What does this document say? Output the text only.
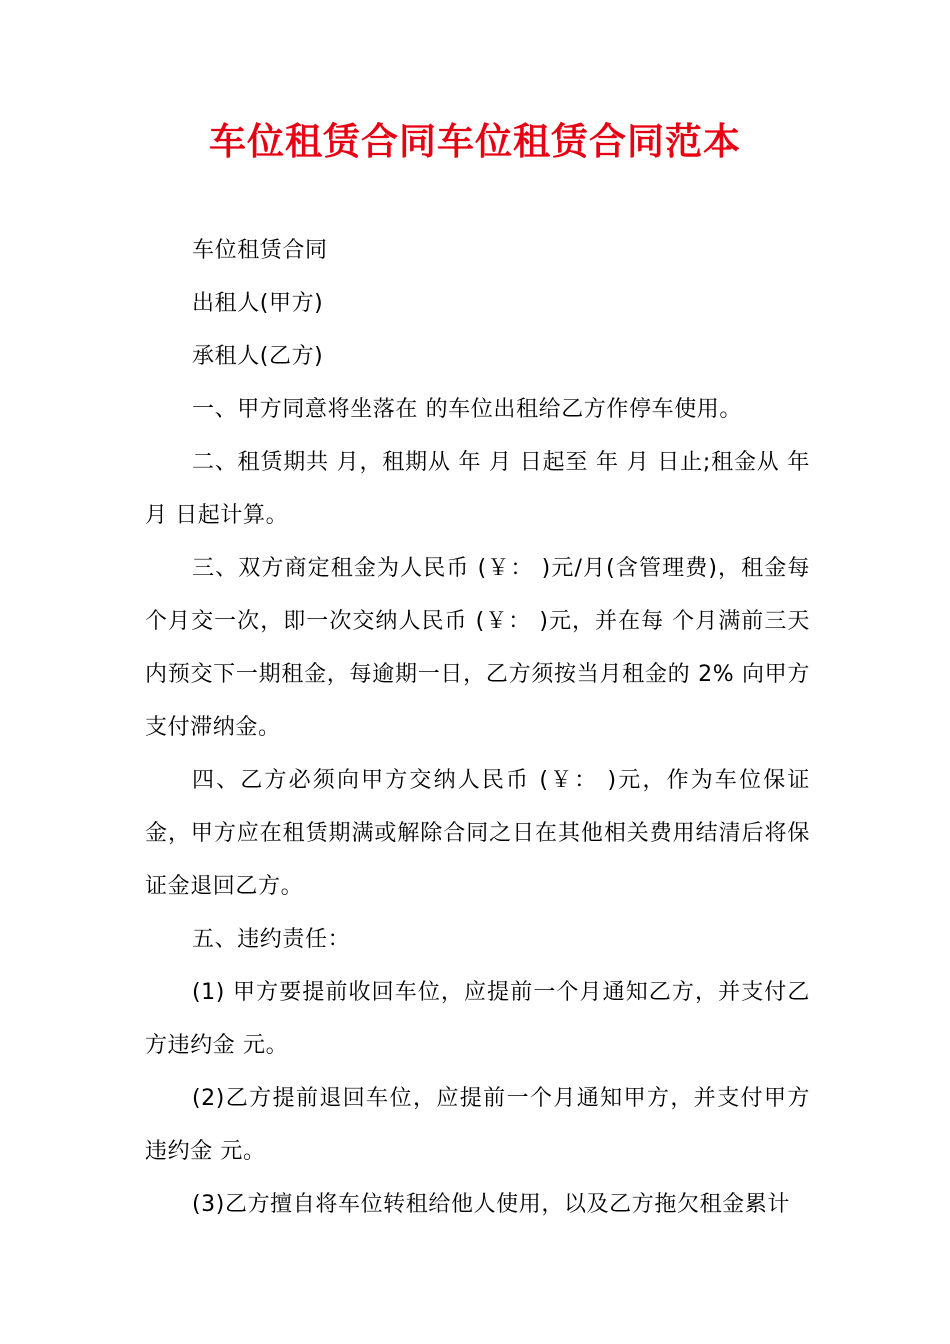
车位租赁合同车位租赁合同范本

车位租赁合同

出租人(甲方)

承租人(乙方)

一、甲方同意将坐落在 的车位出租给乙方作停车使用。

二、租赁期共 月，租期从 年 月 日起至 年 月 日止;租金从 年 月 日起计算。

三、双方商定租金为人民币 (￥： )元/月(含管理费)，租金每 个月交一次，即一次交纳人民币 (￥： )元，并在每 个月满前三天内预交下一期租金，每逾期一日，乙方须按当月租金的 2% 向甲方支付滞纳金。

四、乙方必须向甲方交纳人民币 (￥： )元，作为车位保证金，甲方应在租赁期满或解除合同之日在其他相关费用结清后将保证金退回乙方。

五、违约责任：

(1) 甲方要提前收回车位，应提前一个月通知乙方，并支付乙方违约金 元。

(2)乙方提前退回车位，应提前一个月通知甲方，并支付甲方违约金 元。

(3)乙方擅自将车位转租给他人使用，以及乙方拖欠租金累计
